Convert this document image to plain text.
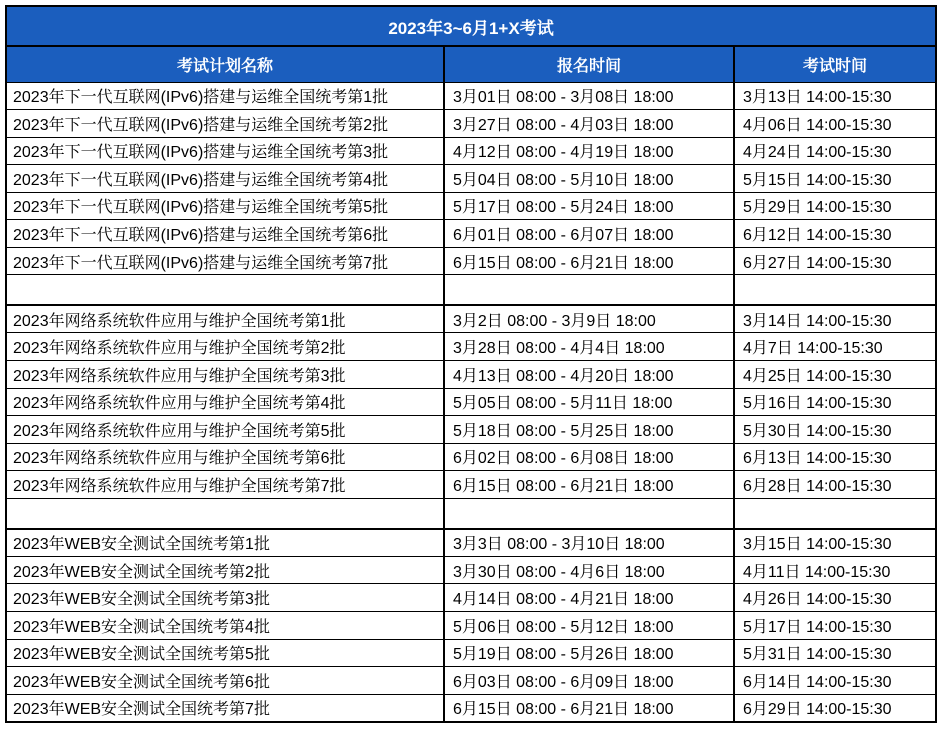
2023年3~6月1+X考试		
考试计划名称	报名时间	考试时间
2023年下一代互联网(IPv6)搭建与运维全国统考第1批	3月01日 08:00 - 3月08日 18:00	3月13日 14:00-15:30
2023年下一代互联网(IPv6)搭建与运维全国统考第2批	3月27日 08:00 - 4月03日 18:00	4月06日 14:00-15:30
2023年下一代互联网(IPv6)搭建与运维全国统考第3批	4月12日 08:00 - 4月19日 18:00	4月24日 14:00-15:30
2023年下一代互联网(IPv6)搭建与运维全国统考第4批	5月04日 08:00 - 5月10日 18:00	5月15日 14:00-15:30
2023年下一代互联网(IPv6)搭建与运维全国统考第5批	5月17日 08:00 - 5月24日 18:00	5月29日 14:00-15:30
2023年下一代互联网(IPv6)搭建与运维全国统考第6批	6月01日 08:00 - 6月07日 18:00	6月12日 14:00-15:30
2023年下一代互联网(IPv6)搭建与运维全国统考第7批	6月15日 08:00 - 6月21日 18:00	6月27日 14:00-15:30

2023年网络系统软件应用与维护全国统考第1批	3月2日 08:00 - 3月9日 18:00	3月14日 14:00-15:30
2023年网络系统软件应用与维护全国统考第2批	3月28日 08:00 - 4月4日 18:00	4月7日 14:00-15:30
2023年网络系统软件应用与维护全国统考第3批	4月13日 08:00 - 4月20日 18:00	4月25日 14:00-15:30
2023年网络系统软件应用与维护全国统考第4批	5月05日 08:00 - 5月11日 18:00	5月16日 14:00-15:30
2023年网络系统软件应用与维护全国统考第5批	5月18日 08:00 - 5月25日 18:00	5月30日 14:00-15:30
2023年网络系统软件应用与维护全国统考第6批	6月02日 08:00 - 6月08日 18:00	6月13日 14:00-15:30
2023年网络系统软件应用与维护全国统考第7批	6月15日 08:00 - 6月21日 18:00	6月28日 14:00-15:30

2023年WEB安全测试全国统考第1批	3月3日 08:00 - 3月10日 18:00	3月15日 14:00-15:30
2023年WEB安全测试全国统考第2批	3月30日 08:00 - 4月6日 18:00	4月11日 14:00-15:30
2023年WEB安全测试全国统考第3批	4月14日 08:00 - 4月21日 18:00	4月26日 14:00-15:30
2023年WEB安全测试全国统考第4批	5月06日 08:00 - 5月12日 18:00	5月17日 14:00-15:30
2023年WEB安全测试全国统考第5批	5月19日 08:00 - 5月26日 18:00	5月31日 14:00-15:30
2023年WEB安全测试全国统考第6批	6月03日 08:00 - 6月09日 18:00	6月14日 14:00-15:30
2023年WEB安全测试全国统考第7批	6月15日 08:00 - 6月21日 18:00	6月29日 14:00-15:30
